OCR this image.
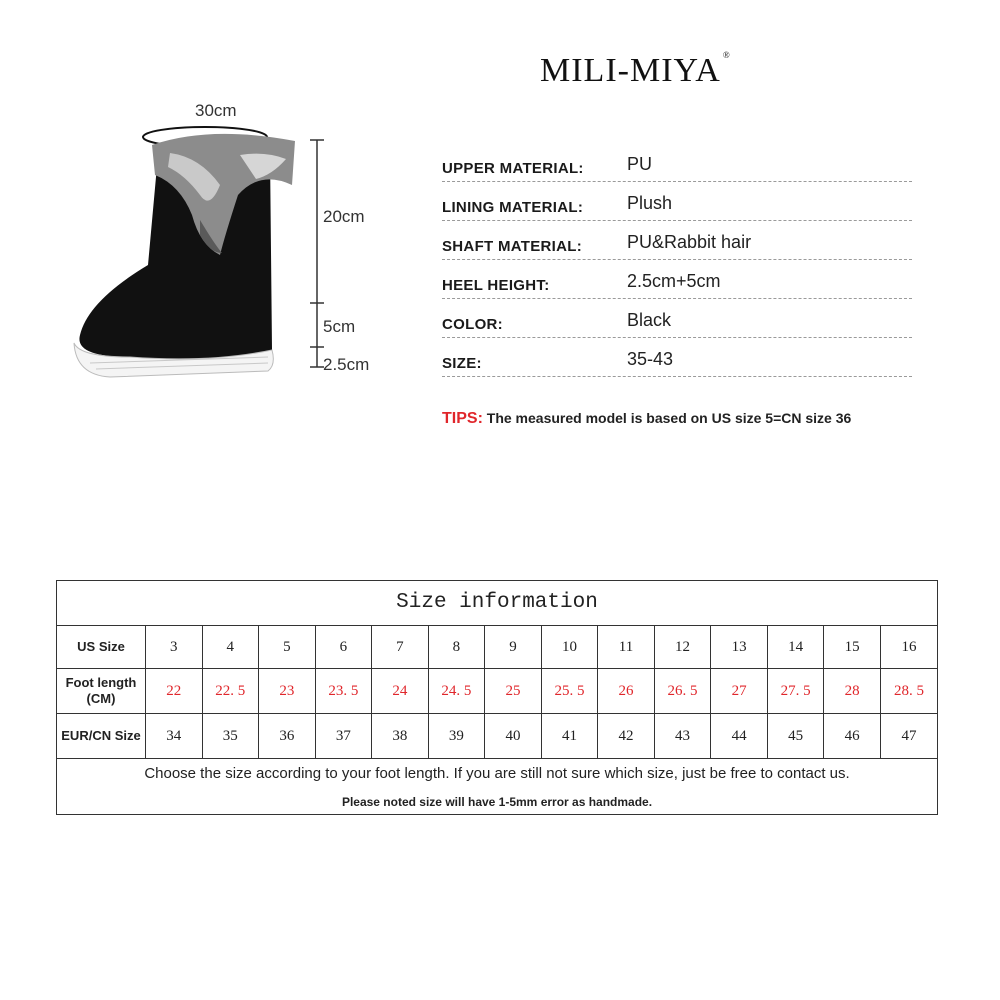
MILI-MIYA ®
30cm
20cm
5cm
2.5cm
UPPER MATERIAL: PU
LINING MATERIAL: Plush
SHAFT MATERIAL: PU&Rabbit hair
HEEL HEIGHT:	2.5cm+5cm
COLOR:	Black
SIZE:	35-43
TIPS: The measured model is based on US size 5=CN size 36
Size information
US Size	3	4	5	6	7	8	9	10	11	12	13	14	15	16
Foot length (CM)	22	22. 5	23	23. 5	24	24. 5	25	25. 5	26	26. 5	27	27. 5	28	28. 5
EUR/CN Size	34	35	36	37	38	39	40	41	42	43	44	45	46	47
Choose the size according to your foot length. If you are still not sure which size, just be free to contact us.
Please noted size will have 1-5mm error as handmade.
